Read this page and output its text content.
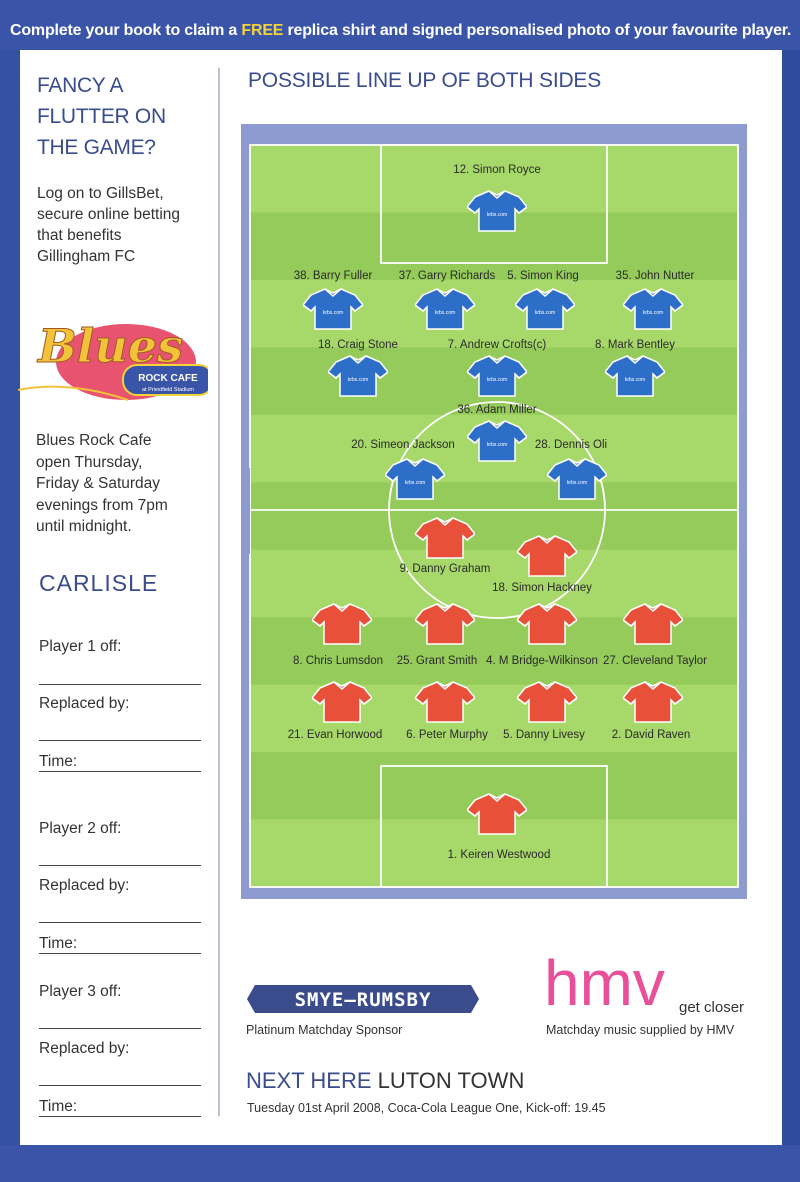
Complete your book to claim a FREE replica shirt and signed personalised photo of your favourite player.
FANCY A
FLUTTER ON
THE GAME?
Log on to GillsBet,
secure online betting
that benefits
Gillingham FC
Blues
ROCK CAFE
at Priestfield Stadium
Blues Rock Cafe
open Thursday,
Friday & Saturday
evenings from 7pm
until midnight.
CARLISLE
Player 1 off:
Replaced by:
Time:
Player 2 off:
Replaced by:
Time:
Player 3 off:
Replaced by:
Time:
POSSIBLE LINE UP OF BOTH SIDES
krbs.com
12. Simon Royce
krbs.com
38. Barry Fuller
krbs.com
37. Garry Richards
krbs.com
5. Simon King
krbs.com
35. John Nutter
krbs.com
18. Craig Stone
krbs.com
7. Andrew Crofts(c)
krbs.com
8. Mark Bentley
krbs.com
36. Adam Miller
krbs.com
20. Simeon Jackson
krbs.com
28. Dennis Oli
9. Danny Graham
18. Simon Hackney
8. Chris Lumsdon 25. Grant Smith 4. M Bridge-Wilkinson 27. Cleveland Taylor
21. Evan Horwood 6. Peter Murphy 5. Danny Livesy 2. David Raven
1. Keiren Westwood
SMYE—RUMSBY
Platinum Matchday Sponsor
hmv get closer
Matchday music supplied by HMV
NEXT HERE LUTON TOWN
Tuesday 01st April 2008, Coca-Cola League One, Kick-off: 19.45
